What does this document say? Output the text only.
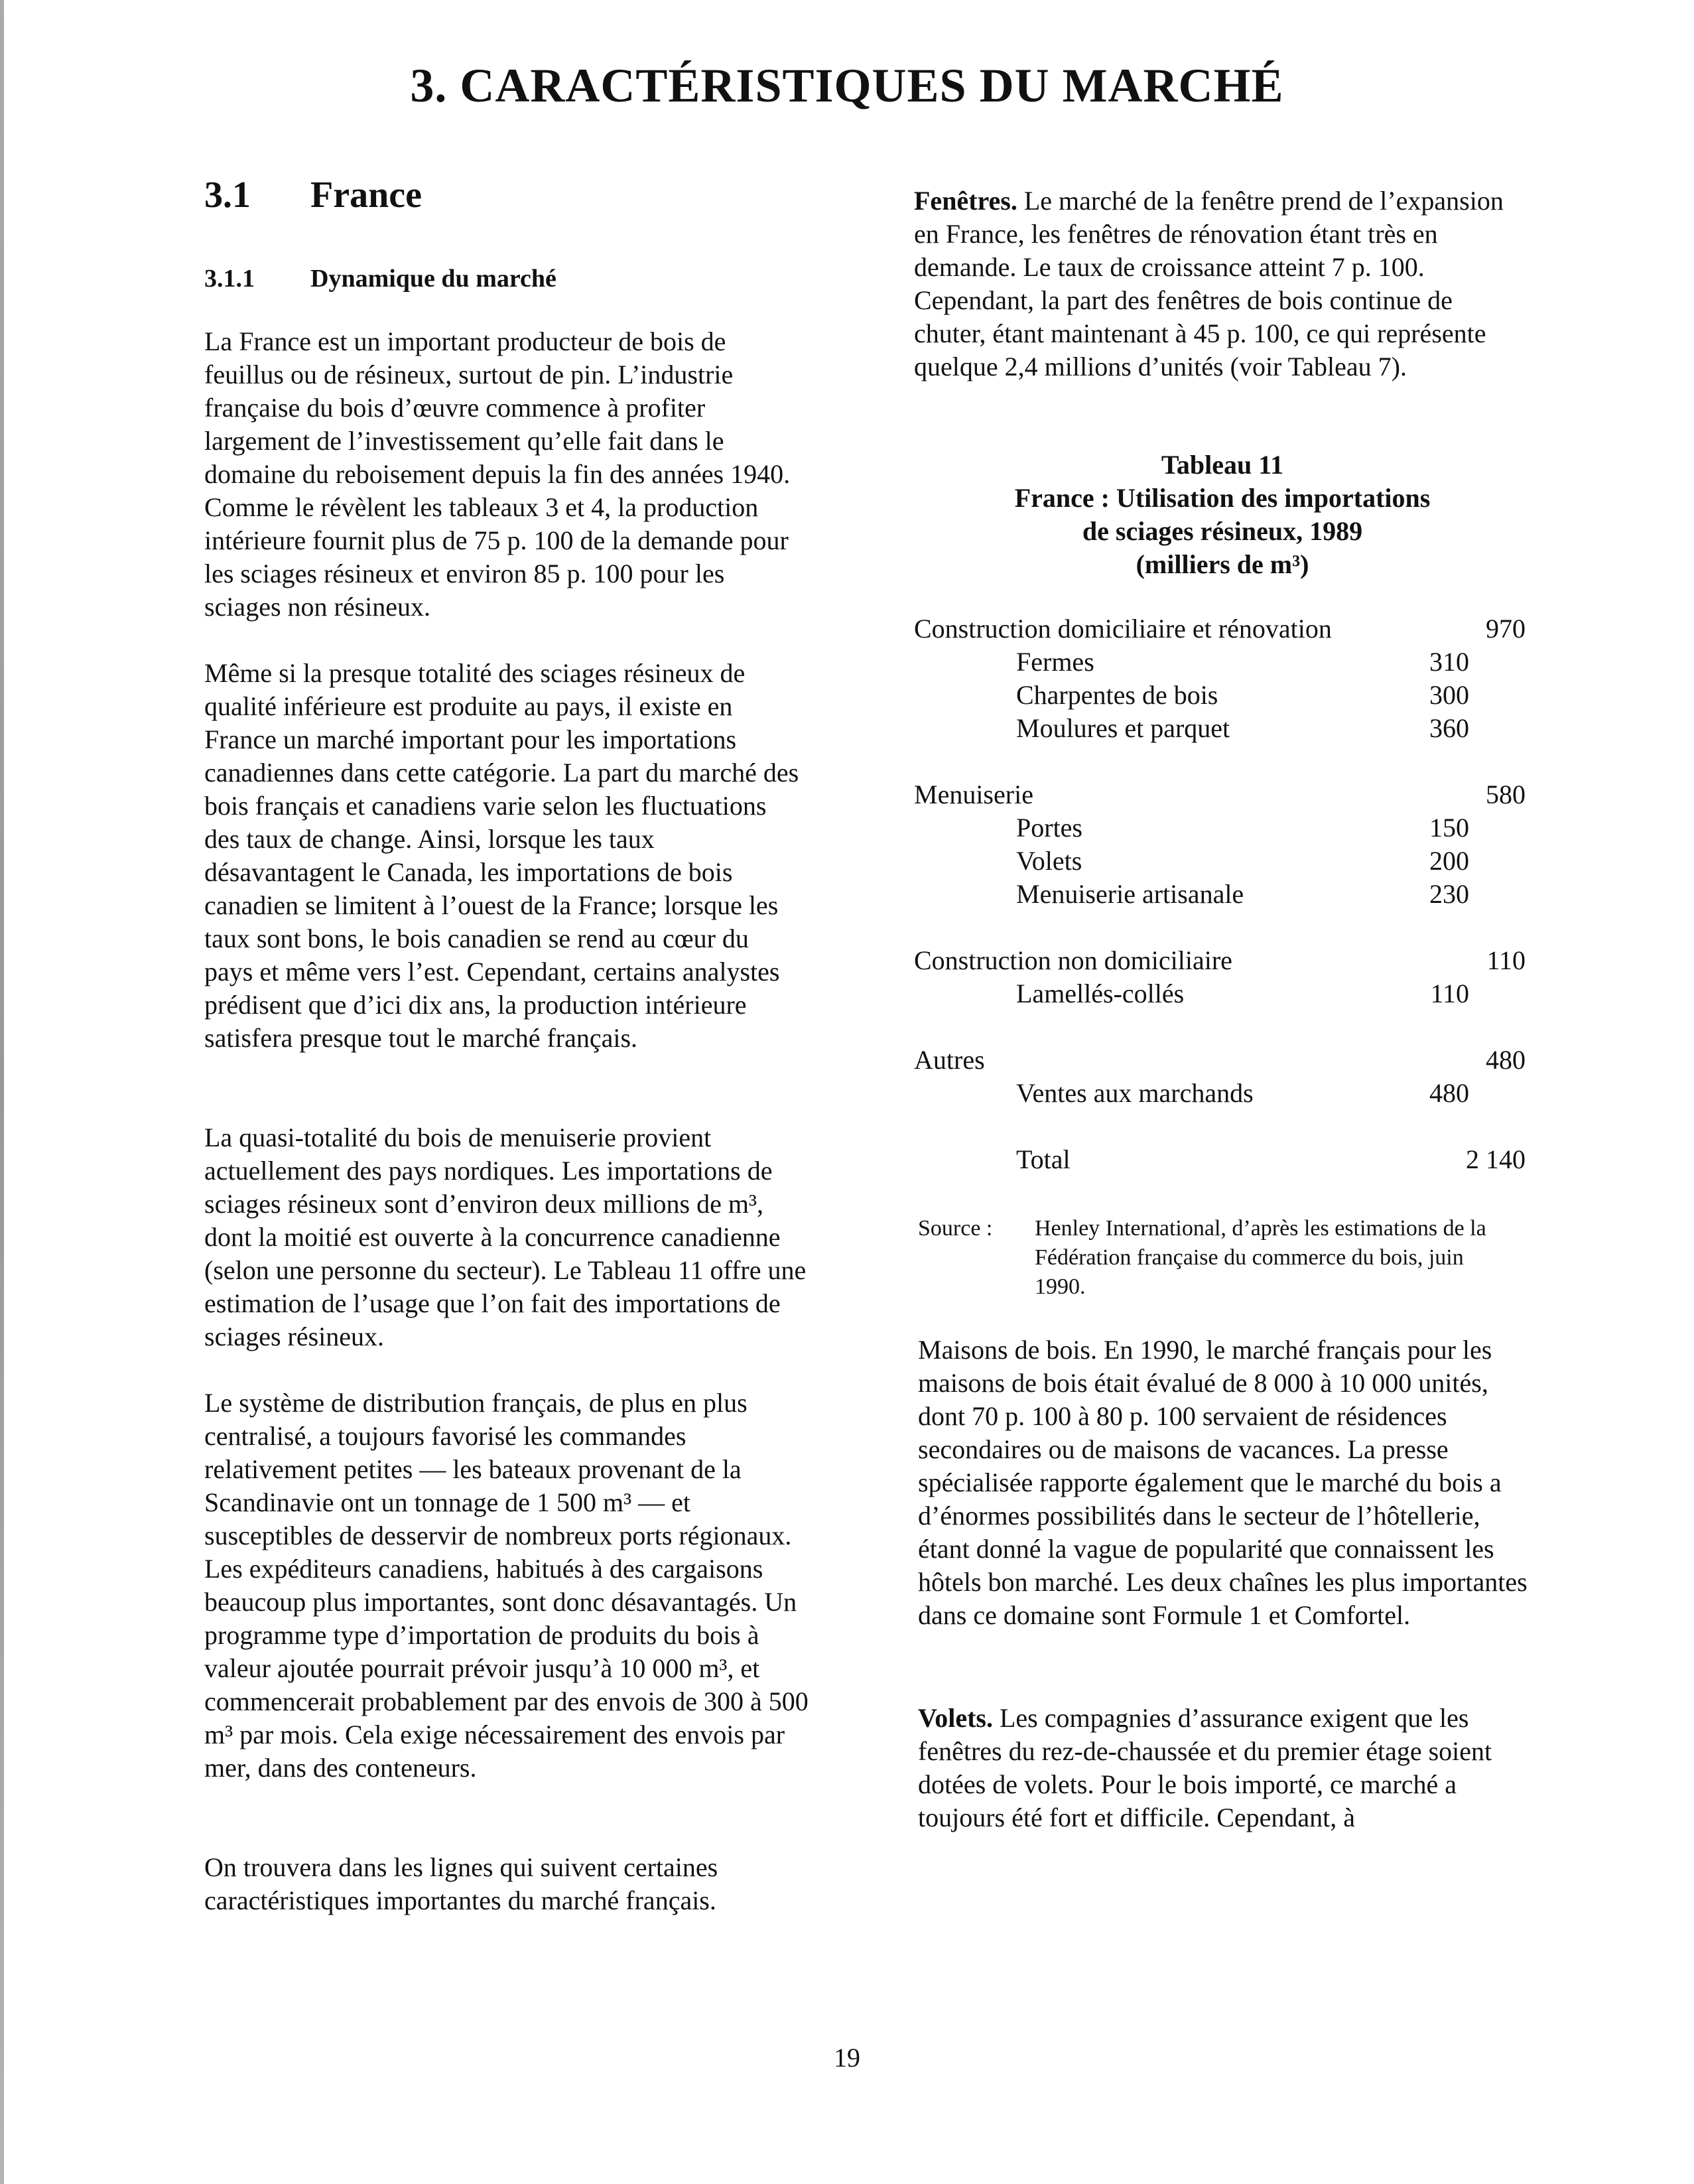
3. CARACTÉRISTIQUES DU MARCHÉ
3.1 France
3.1.1 Dynamique du marché

La France est un important producteur de bois de feuillus ou de résineux, surtout de pin. L’industrie française du bois d’œuvre commence à profiter largement de l’investissement qu’elle fait dans le domaine du reboisement depuis la fin des années 1940. Comme le révèlent les tableaux 3 et 4, la production intérieure fournit plus de 75 p. 100 de la demande pour les sciages résineux et environ 85 p. 100 pour les sciages non résineux.

Même si la presque totalité des sciages résineux de qualité inférieure est produite au pays, il existe en France un marché important pour les importations canadiennes dans cette catégorie. La part du marché des bois français et canadiens varie selon les fluctuations des taux de change. Ainsi, lorsque les taux désavantagent le Canada, les importations de bois canadien se limitent à l’ouest de la France; lorsque les taux sont bons, le bois canadien se rend au cœur du pays et même vers l’est. Cependant, certains analystes prédisent que d’ici dix ans, la production intérieure satisfera presque tout le marché français.

La quasi-totalité du bois de menuiserie provient actuellement des pays nordiques. Les importations de sciages résineux sont d’environ deux millions de m³, dont la moitié est ouverte à la concurrence canadienne (selon une personne du secteur). Le Tableau 11 offre une estimation de l’usage que l’on fait des importations de sciages résineux.

Le système de distribution français, de plus en plus centralisé, a toujours favorisé les commandes relativement petites — les bateaux provenant de la Scandinavie ont un tonnage de 1 500 m³ — et susceptibles de desservir de nombreux ports régionaux. Les expéditeurs canadiens, habitués à des cargaisons beaucoup plus importantes, sont donc désavantagés. Un programme type d’importation de produits du bois à valeur ajoutée pourrait prévoir jusqu’à 10 000 m³, et commencerait probablement par des envois de 300 à 500 m³ par mois. Cela exige nécessairement des envois par mer, dans des conteneurs.

On trouvera dans les lignes qui suivent certaines caractéristiques importantes du marché français.

Fenêtres. Le marché de la fenêtre prend de l’expansion en France, les fenêtres de rénovation étant très en demande. Le taux de croissance atteint 7 p. 100. Cependant, la part des fenêtres de bois continue de chuter, étant maintenant à 45 p. 100, ce qui représente quelque 2,4 millions d’unités (voir Tableau 7).

Tableau 11
France : Utilisation des importations
de sciages résineux, 1989
(milliers de m³)
Construction domiciliaire et rénovation	970
Fermes	310
Charpentes de bois	300
Moulures et parquet	360
Menuiserie	580
Portes	150
Volets	200
Menuiserie artisanale	230
Construction non domiciliaire	110
Lamellés-collés	110
Autres	480
Ventes aux marchands	480
Total	2 140
Source : Henley International, d’après les estimations de la Fédération française du commerce du bois, juin 1990.

Maisons de bois. En 1990, le marché français pour les maisons de bois était évalué de 8 000 à 10 000 unités, dont 70 p. 100 à 80 p. 100 servaient de résidences secondaires ou de maisons de vacances. La presse spécialisée rapporte également que le marché du bois a d’énormes possibilités dans le secteur de l’hôtellerie, étant donné la vague de popularité que connaissent les hôtels bon marché. Les deux chaînes les plus importantes dans ce domaine sont Formule 1 et Comfortel.

Volets. Les compagnies d’assurance exigent que les fenêtres du rez-de-chaussée et du premier étage soient dotées de volets. Pour le bois importé, ce marché a toujours été fort et difficile. Cependant, à

19
